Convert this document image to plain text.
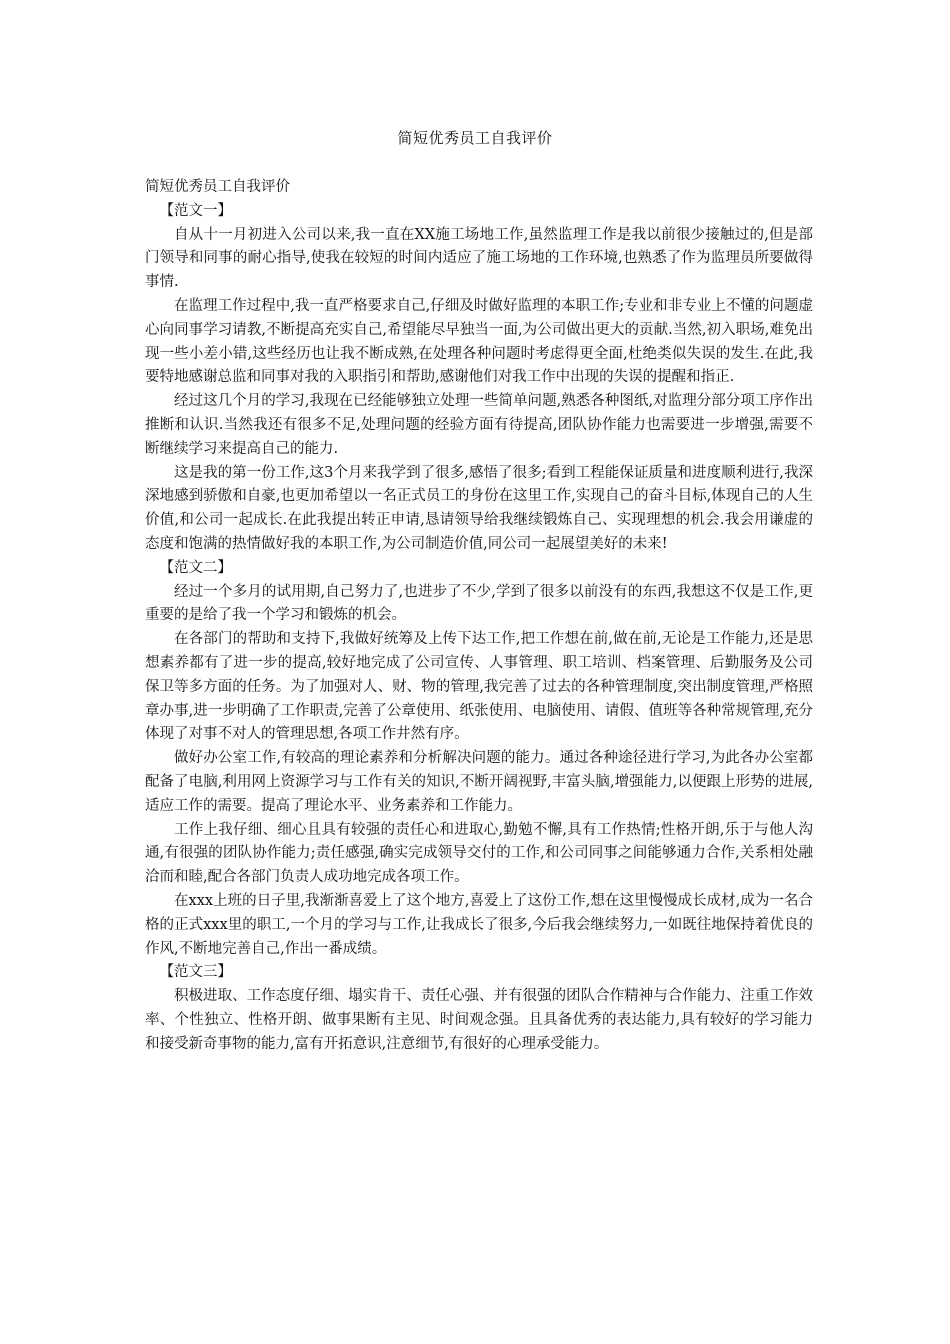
简短优秀员工自我评价

简短优秀员工自我评价

【范文一】

自从十一月初进入公司以来,我一直在XX施工场地工作,虽然监理工作是我以前很少接触过的,但是部门领导和同事的耐心指导,使我在较短的时间内适应了施工场地的工作环境,也熟悉了作为监理员所要做得事情.

在监理工作过程中,我一直严格要求自己,仔细及时做好监理的本职工作;专业和非专业上不懂的问题虚心向同事学习请教,不断提高充实自己,希望能尽早独当一面,为公司做出更大的贡献.当然,初入职场,难免出现一些小差小错,这些经历也让我不断成熟,在处理各种问题时考虑得更全面,杜绝类似失误的发生.在此,我要特地感谢总监和同事对我的入职指引和帮助,感谢他们对我工作中出现的失误的提醒和指正.

经过这几个月的学习,我现在已经能够独立处理一些简单问题,熟悉各种图纸,对监理分部分项工序作出推断和认识.当然我还有很多不足,处理问题的经验方面有待提高,团队协作能力也需要进一步增强,需要不断继续学习来提高自己的能力.

这是我的第一份工作,这3个月来我学到了很多,感悟了很多;看到工程能保证质量和进度顺利进行,我深深地感到骄傲和自豪,也更加希望以一名正式员工的身份在这里工作,实现自己的奋斗目标,体现自己的人生价值,和公司一起成长.在此我提出转正申请,恳请领导给我继续锻炼自己、实现理想的机会.我会用谦虚的态度和饱满的热情做好我的本职工作,为公司制造价值,同公司一起展望美好的未来!

【范文二】

经过一个多月的试用期,自己努力了,也进步了不少,学到了很多以前没有的东西,我想这不仅是工作,更重要的是给了我一个学习和锻炼的机会。

在各部门的帮助和支持下,我做好统筹及上传下达工作,把工作想在前,做在前,无论是工作能力,还是思想素养都有了进一步的提高,较好地完成了公司宣传、人事管理、职工培训、档案管理、后勤服务及公司保卫等多方面的任务。为了加强对人、财、物的管理,我完善了过去的各种管理制度,突出制度管理,严格照章办事,进一步明确了工作职责,完善了公章使用、纸张使用、电脑使用、请假、值班等各种常规管理,充分体现了对事不对人的管理思想,各项工作井然有序。

做好办公室工作,有较高的理论素养和分析解决问题的能力。通过各种途径进行学习,为此各办公室都配备了电脑,利用网上资源学习与工作有关的知识,不断开阔视野,丰富头脑,增强能力,以便跟上形势的进展,适应工作的需要。提高了理论水平、业务素养和工作能力。

工作上我仔细、细心且具有较强的责任心和进取心,勤勉不懈,具有工作热情;性格开朗,乐于与他人沟通,有很强的团队协作能力;责任感强,确实完成领导交付的工作,和公司同事之间能够通力合作,关系相处融洽而和睦,配合各部门负责人成功地完成各项工作。

在xxx上班的日子里,我渐渐喜爱上了这个地方,喜爱上了这份工作,想在这里慢慢成长成材,成为一名合格的正式xxx里的职工,一个月的学习与工作,让我成长了很多,今后我会继续努力,一如既往地保持着优良的作风,不断地完善自己,作出一番成绩。

【范文三】

积极进取、工作态度仔细、塌实肯干、责任心强、并有很强的团队合作精神与合作能力、注重工作效率、个性独立、性格开朗、做事果断有主见、时间观念强。且具备优秀的表达能力,具有较好的学习能力和接受新奇事物的能力,富有开拓意识,注意细节,有很好的心理承受能力。
